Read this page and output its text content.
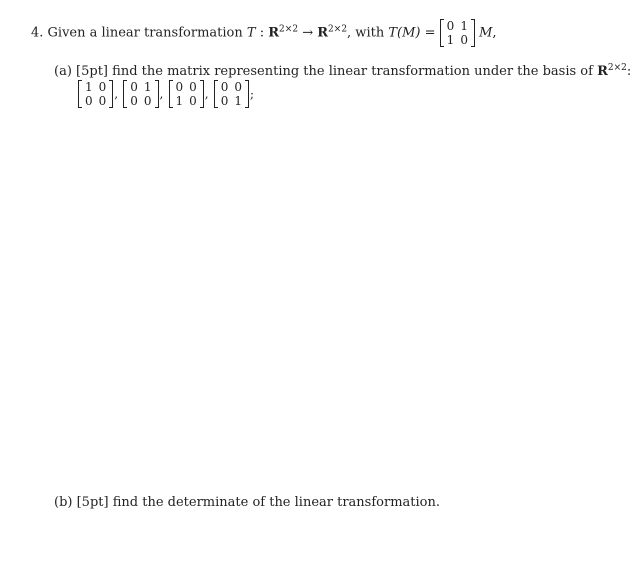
4. Given a linear transformation T : $R^{2\times 2} \to R^{2\times 2}$, with T(M) = 0	1
1	0 M,
(a) [5pt] find the matrix representing the linear transformation under the basis of $R^{2\times 2}$:
1	0
0	0 , 0	1
0	0 , 0	0
1	0 , 0	0
0	1 ;
(b) [5pt] find the determinate of the linear transformation.
